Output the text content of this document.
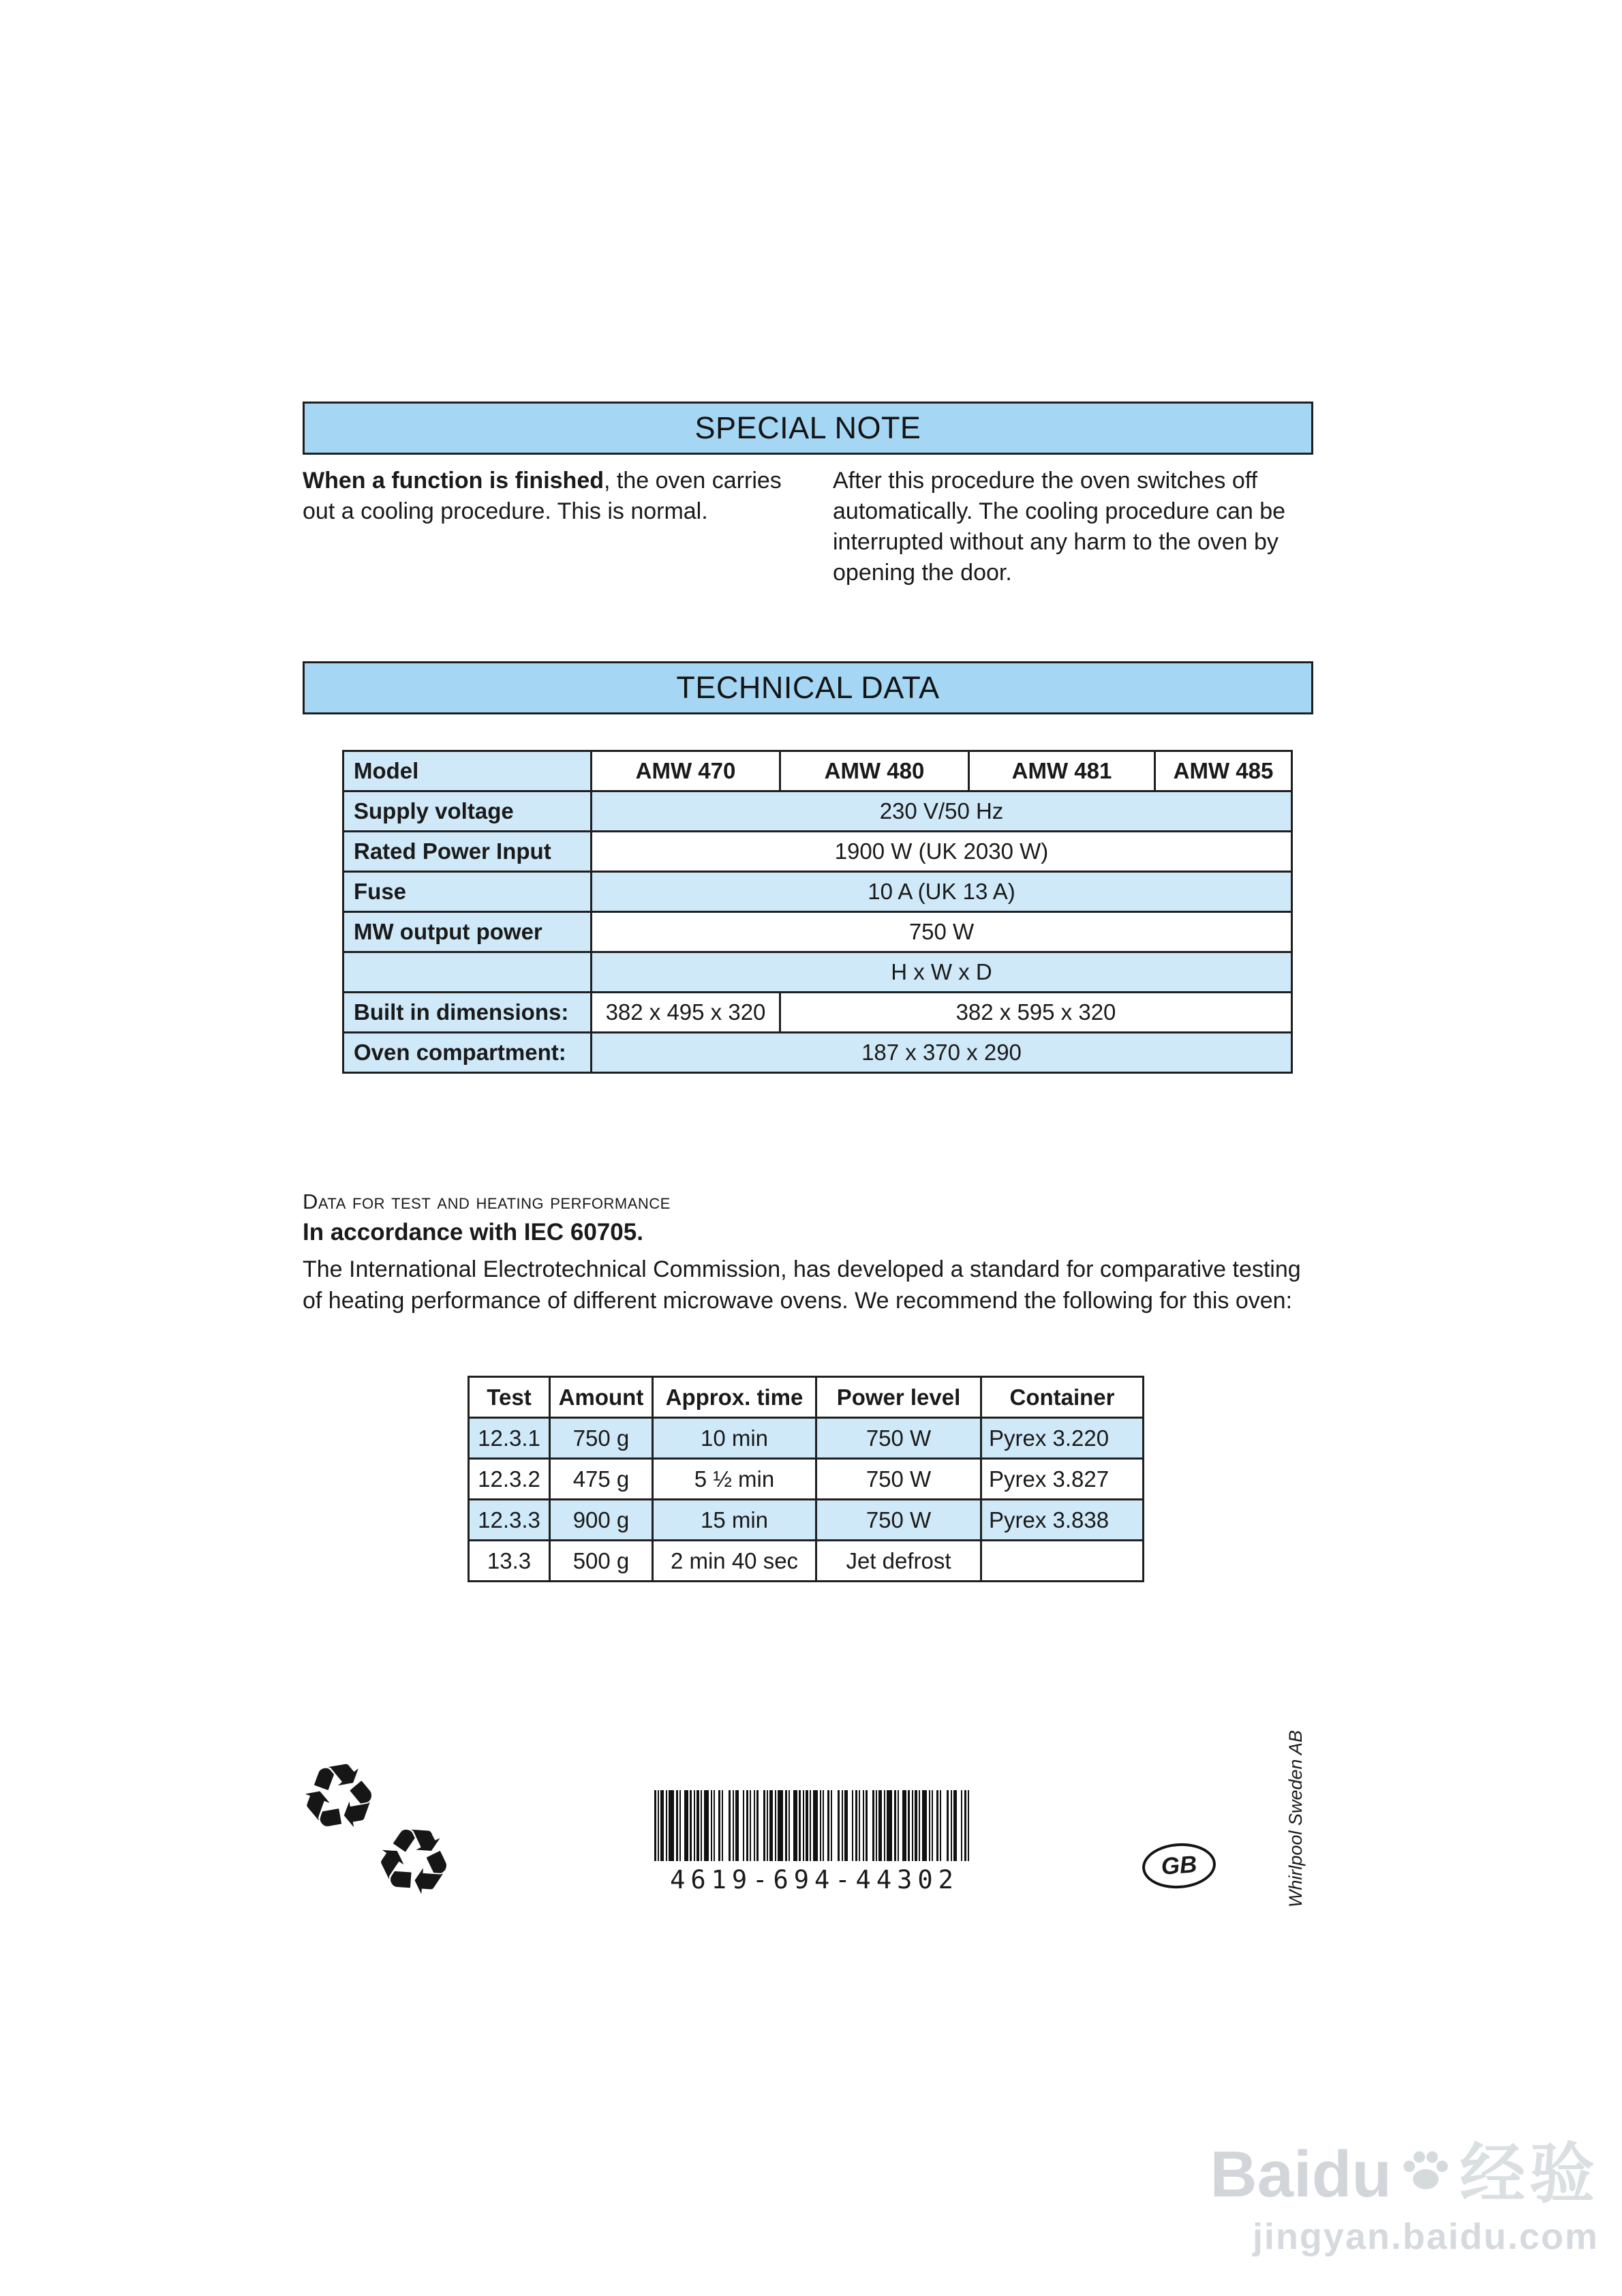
SPECIAL NOTE
When a function is finished, the oven carries out a cooling procedure. This is normal.
After this procedure the oven switches off automatically. The cooling procedure can be interrupted without any harm to the oven by opening the door.
TECHNICAL DATA
Model	AMW 470	AMW 480	AMW 481	AMW 485
Supply voltage	230 V/50 Hz			
Rated Power Input	1900 W (UK 2030 W)			
Fuse	10 A (UK 13 A)			
MW output power	750 W			
	H x W x D			
Built in dimensions:	382 x 495 x 320	382 x 595 x 320		
Oven compartment:	187 x 370 x 290			
Data for test and heating performance
In accordance with IEC 60705.
The International Electrotechnical Commission, has developed a standard for comparative testing of heating performance of different microwave ovens. We recommend the following for this oven:
Test	Amount	Approx. time	Power level	Container
12.3.1	750 g	10 min	750 W	Pyrex 3.220
12.3.2	475 g	5 ½ min	750 W	Pyrex 3.827
12.3.3	900 g	15 min	750 W	Pyrex 3.838
13.3	500 g	2 min 40 sec	Jet defrost	
♻
♻	4619-694-44302	GB	Whirlpool Sweden AB
Baidu 经验
jingyan.baidu.com
